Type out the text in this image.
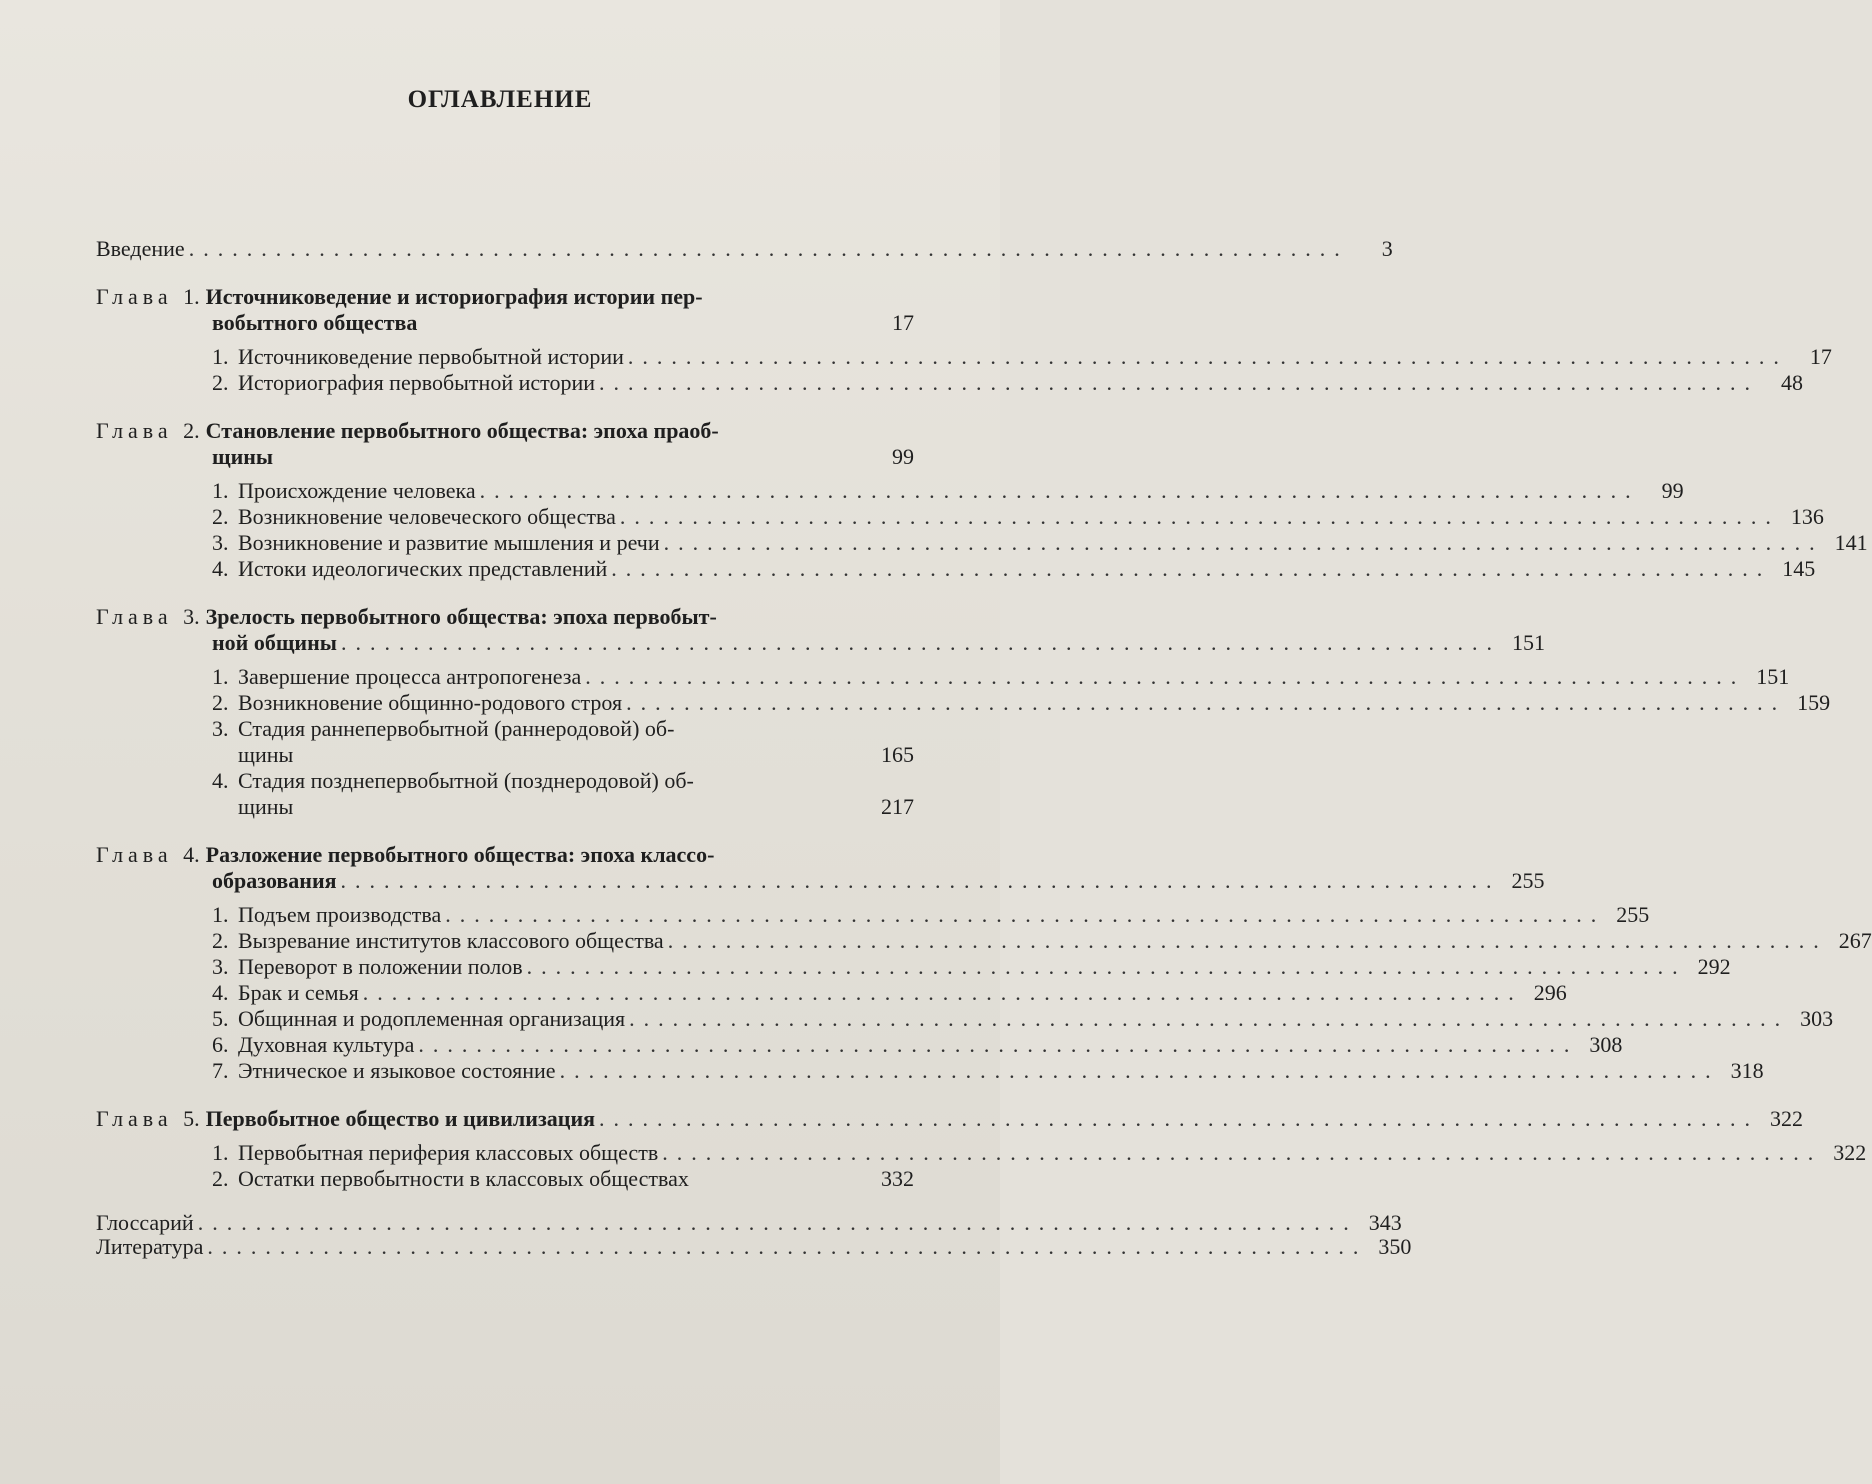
ОГЛАВЛЕНИЕ
Введение ................................................................................	3
Глава 1. Источниковедение и историография истории пер-
вобытного общества	17
1. Источниковедение первобытной истории ................................................................................	17
2. Историография первобытной истории ................................................................................	48
Глава 2. Становление первобытного общества: эпоха праоб-
щины	99
1. Происхождение человека ................................................................................	99
2. Возникновение человеческого общества ................................................................................ 136
3. Возникновение и развитие мышления и речи ................................................................................ 141
4. Истоки идеологических представлений ................................................................................ 145
Глава 3. Зрелость первобытного общества: эпоха первобыт-
ной общины ................................................................................ 151
1. Завершение процесса антропогенеза ................................................................................ 151
2. Возникновение общинно-родового строя ................................................................................ 159
3. Стадия раннепервобытной (раннеродовой) об-
щины	165
4. Стадия позднепервобытной (позднеродовой) об-
щины	217
Глава 4. Разложение первобытного общества: эпоха классо-
образования ................................................................................ 255
1. Подъем производства ................................................................................ 255
2. Вызревание институтов классового общества ................................................................................ 267
3. Переворот в положении полов ................................................................................ 292
4. Брак и семья ................................................................................ 296
5. Общинная и родоплеменная организация ................................................................................ 303
6. Духовная культура ................................................................................ 308
7. Этническое и языковое состояние ................................................................................ 318
Глава 5. Первобытное общество и цивилизация ................................................................................ 322
1. Первобытная периферия классовых обществ ................................................................................ 322
2. Остатки первобытности в классовых обществах	332
Глоссарий ................................................................................ 343
Литература ................................................................................ 350
